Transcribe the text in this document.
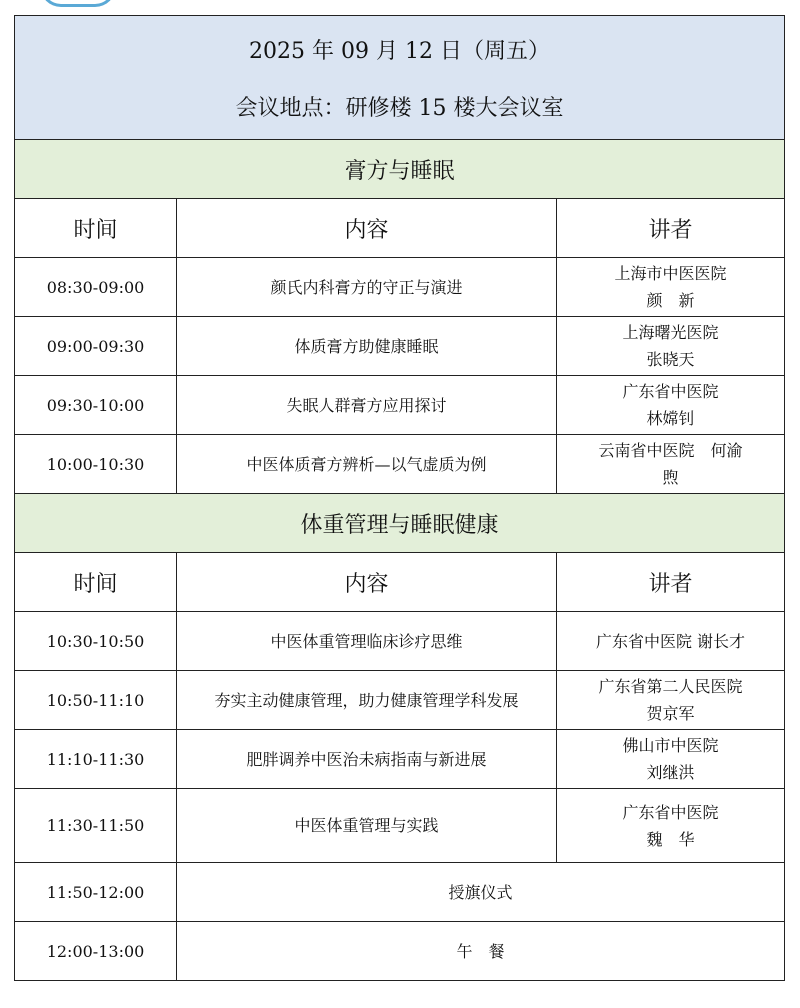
2025 年 09 月 12 日（周五）
会议地点：研修楼 15 楼大会议室		

膏方与睡眠		
时间	内容	讲者
08:30-09:00	颜氏内科膏方的守正与演进	上海市中医医院
颜　新

09:00-09:30	体质膏方助健康睡眠	上海曙光医院
张晓天

09:30-10:00	失眠人群膏方应用探讨	广东省中医院
林嫦钊

10:00-10:30	中医体质膏方辨析—以气虚质为例	云南省中医院　何渝
煦

体重管理与睡眠健康		
时间	内容	讲者
10:30-10:50	中医体重管理临床诊疗思维	广东省中医院 谢长才

10:50-11:10	夯实主动健康管理，助力健康管理学科发展	广东省第二人民医院
贺京军

11:10-11:30	肥胖调养中医治未病指南与新进展	佛山市中医院
刘继洪

11:30-11:50	中医体重管理与实践	广东省中医院
魏　华

11:50-12:00	授旗仪式	
12:00-13:00	午　餐	
